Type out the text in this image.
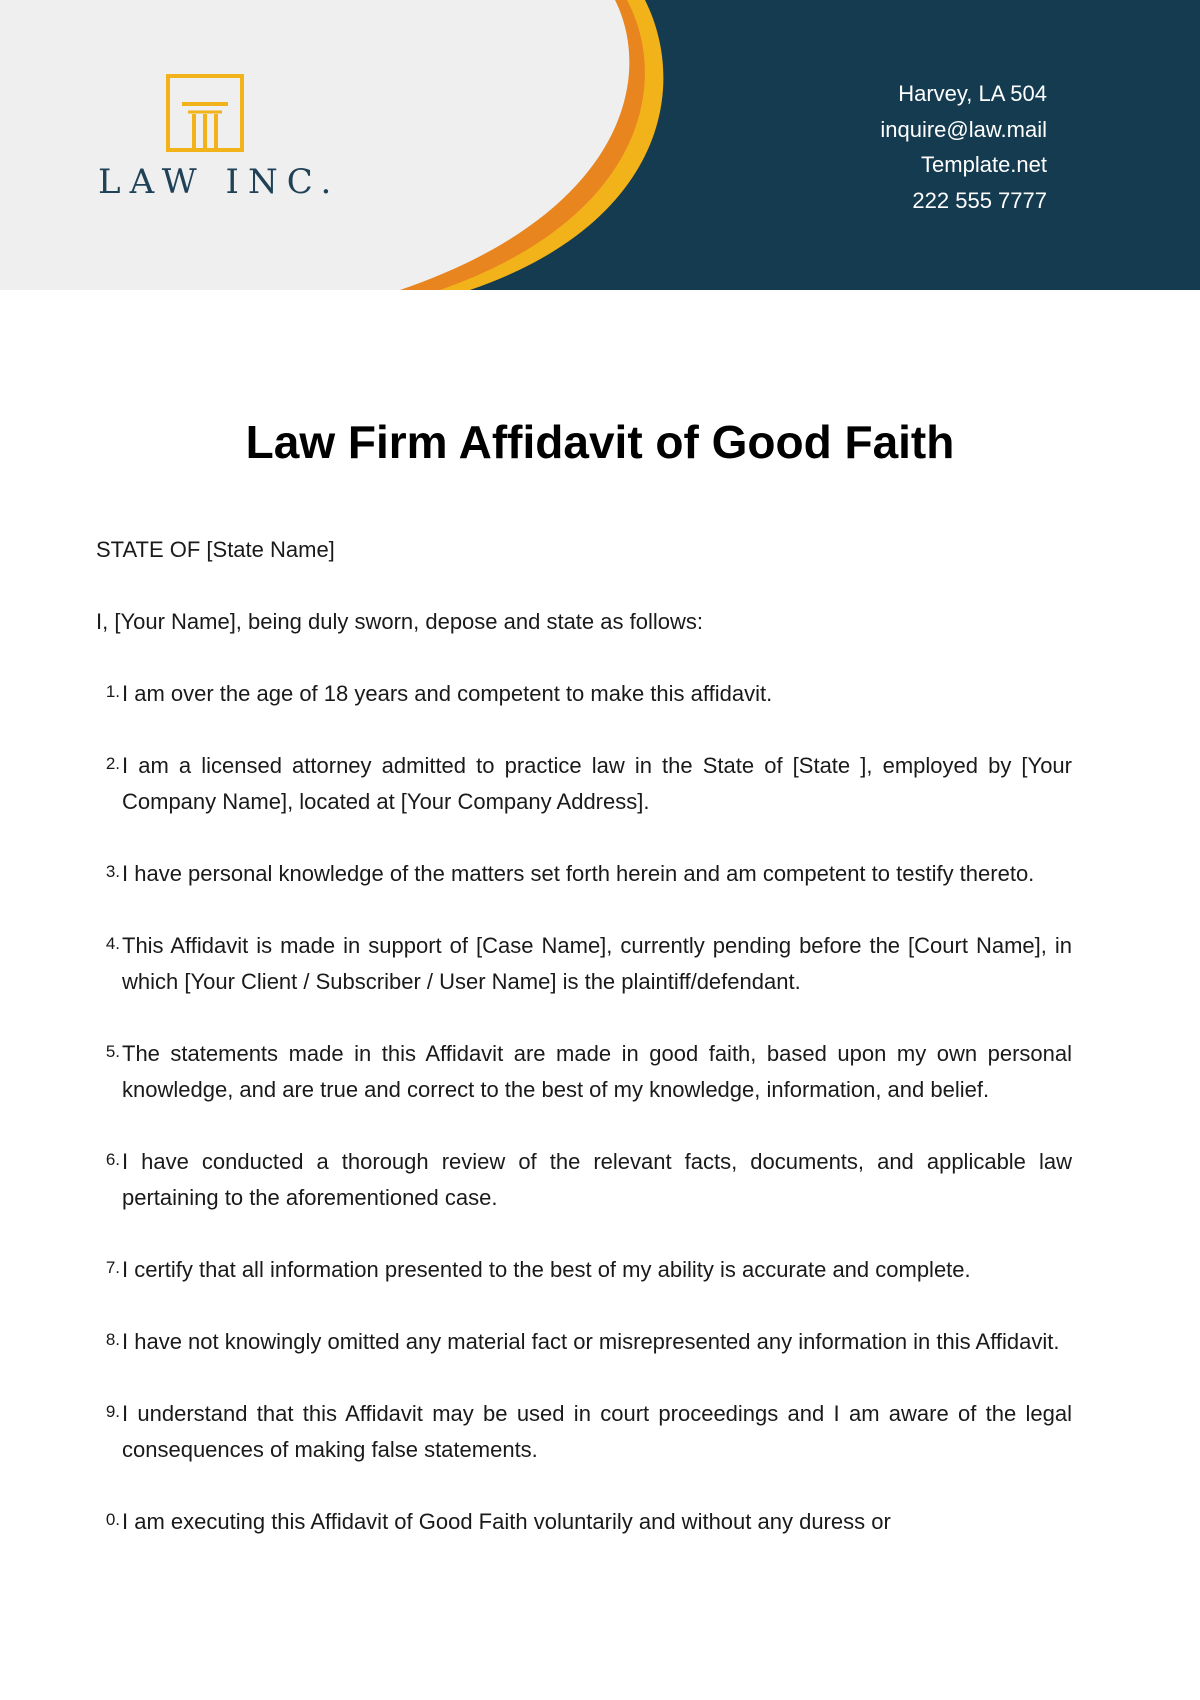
LAW INC.
Harvey, LA 504
inquire@law.mail
Template.net
222 555 7777
Law Firm Affidavit of Good Faith

STATE OF [State Name]

I, [Your Name], being duly sworn, depose and state as follows:

1. I am over the age of 18 years and competent to make this affidavit.
2. I am a licensed attorney admitted to practice law in the State of [State ], employed by [Your Company Name], located at [Your Company Address].
3. I have personal knowledge of the matters set forth herein and am competent to testify thereto.
4. This Affidavit is made in support of [Case Name], currently pending before the [Court Name], in which [Your Client / Subscriber / User Name] is the plaintiff/defendant.
5. The statements made in this Affidavit are made in good faith, based upon my own personal knowledge, and are true and correct to the best of my knowledge, information, and belief.
6. I have conducted a thorough review of the relevant facts, documents, and applicable law pertaining to the aforementioned case.
7. I certify that all information presented to the best of my ability is accurate and complete.
8. I have not knowingly omitted any material fact or misrepresented any information in this Affidavit.
9. I understand that this Affidavit may be used in court proceedings and I am aware of the legal consequences of making false statements.
0. I am executing this Affidavit of Good Faith voluntarily and without any duress or
